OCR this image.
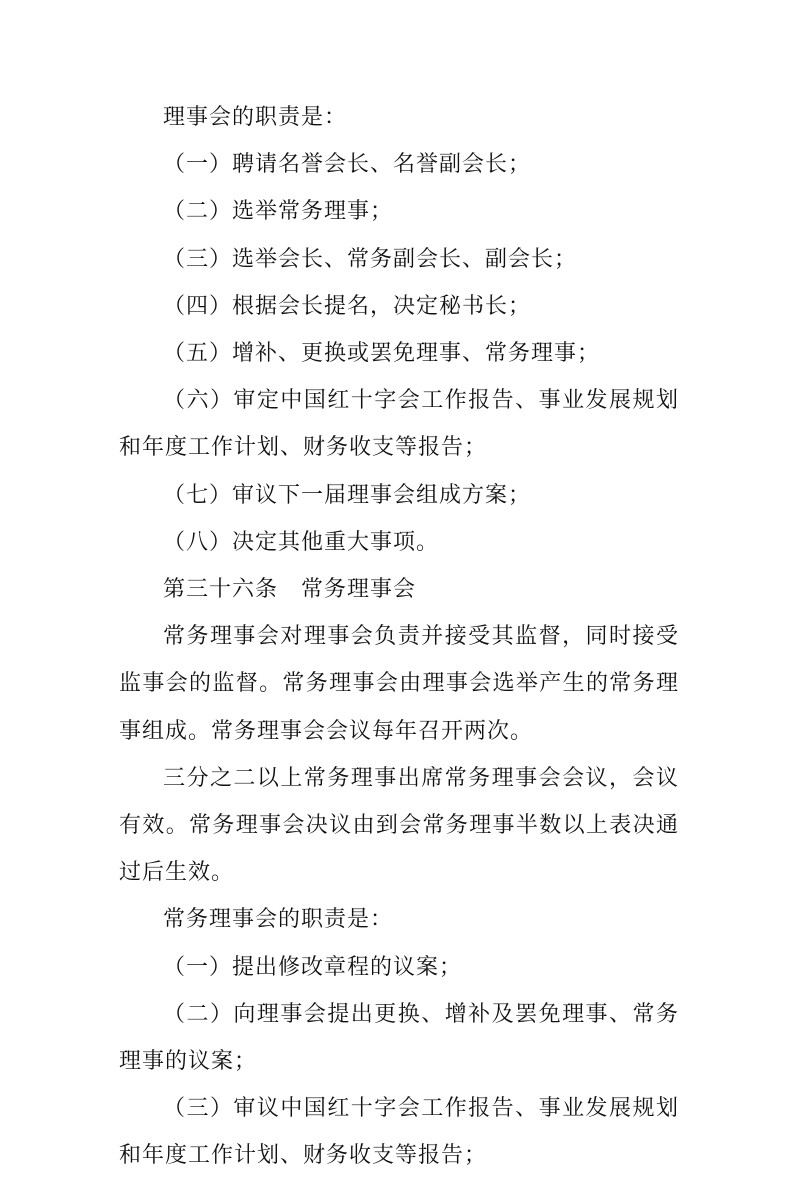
理事会的职责是：

（一）聘请名誉会长、名誉副会长；

（二）选举常务理事；

（三）选举会长、常务副会长、副会长；

（四）根据会长提名，决定秘书长；

（五）增补、更换或罢免理事、常务理事；

（六）审定中国红十字会工作报告、事业发展规划和年度工作计划、财务收支等报告；

（七）审议下一届理事会组成方案；

（八）决定其他重大事项。

第三十六条　常务理事会

常务理事会对理事会负责并接受其监督，同时接受监事会的监督。常务理事会由理事会选举产生的常务理事组成。常务理事会会议每年召开两次。

三分之二以上常务理事出席常务理事会会议，会议有效。常务理事会决议由到会常务理事半数以上表决通过后生效。

常务理事会的职责是：

（一）提出修改章程的议案；

（二）向理事会提出更换、增补及罢免理事、常务理事的议案；

（三）审议中国红十字会工作报告、事业发展规划和年度工作计划、财务收支等报告；
